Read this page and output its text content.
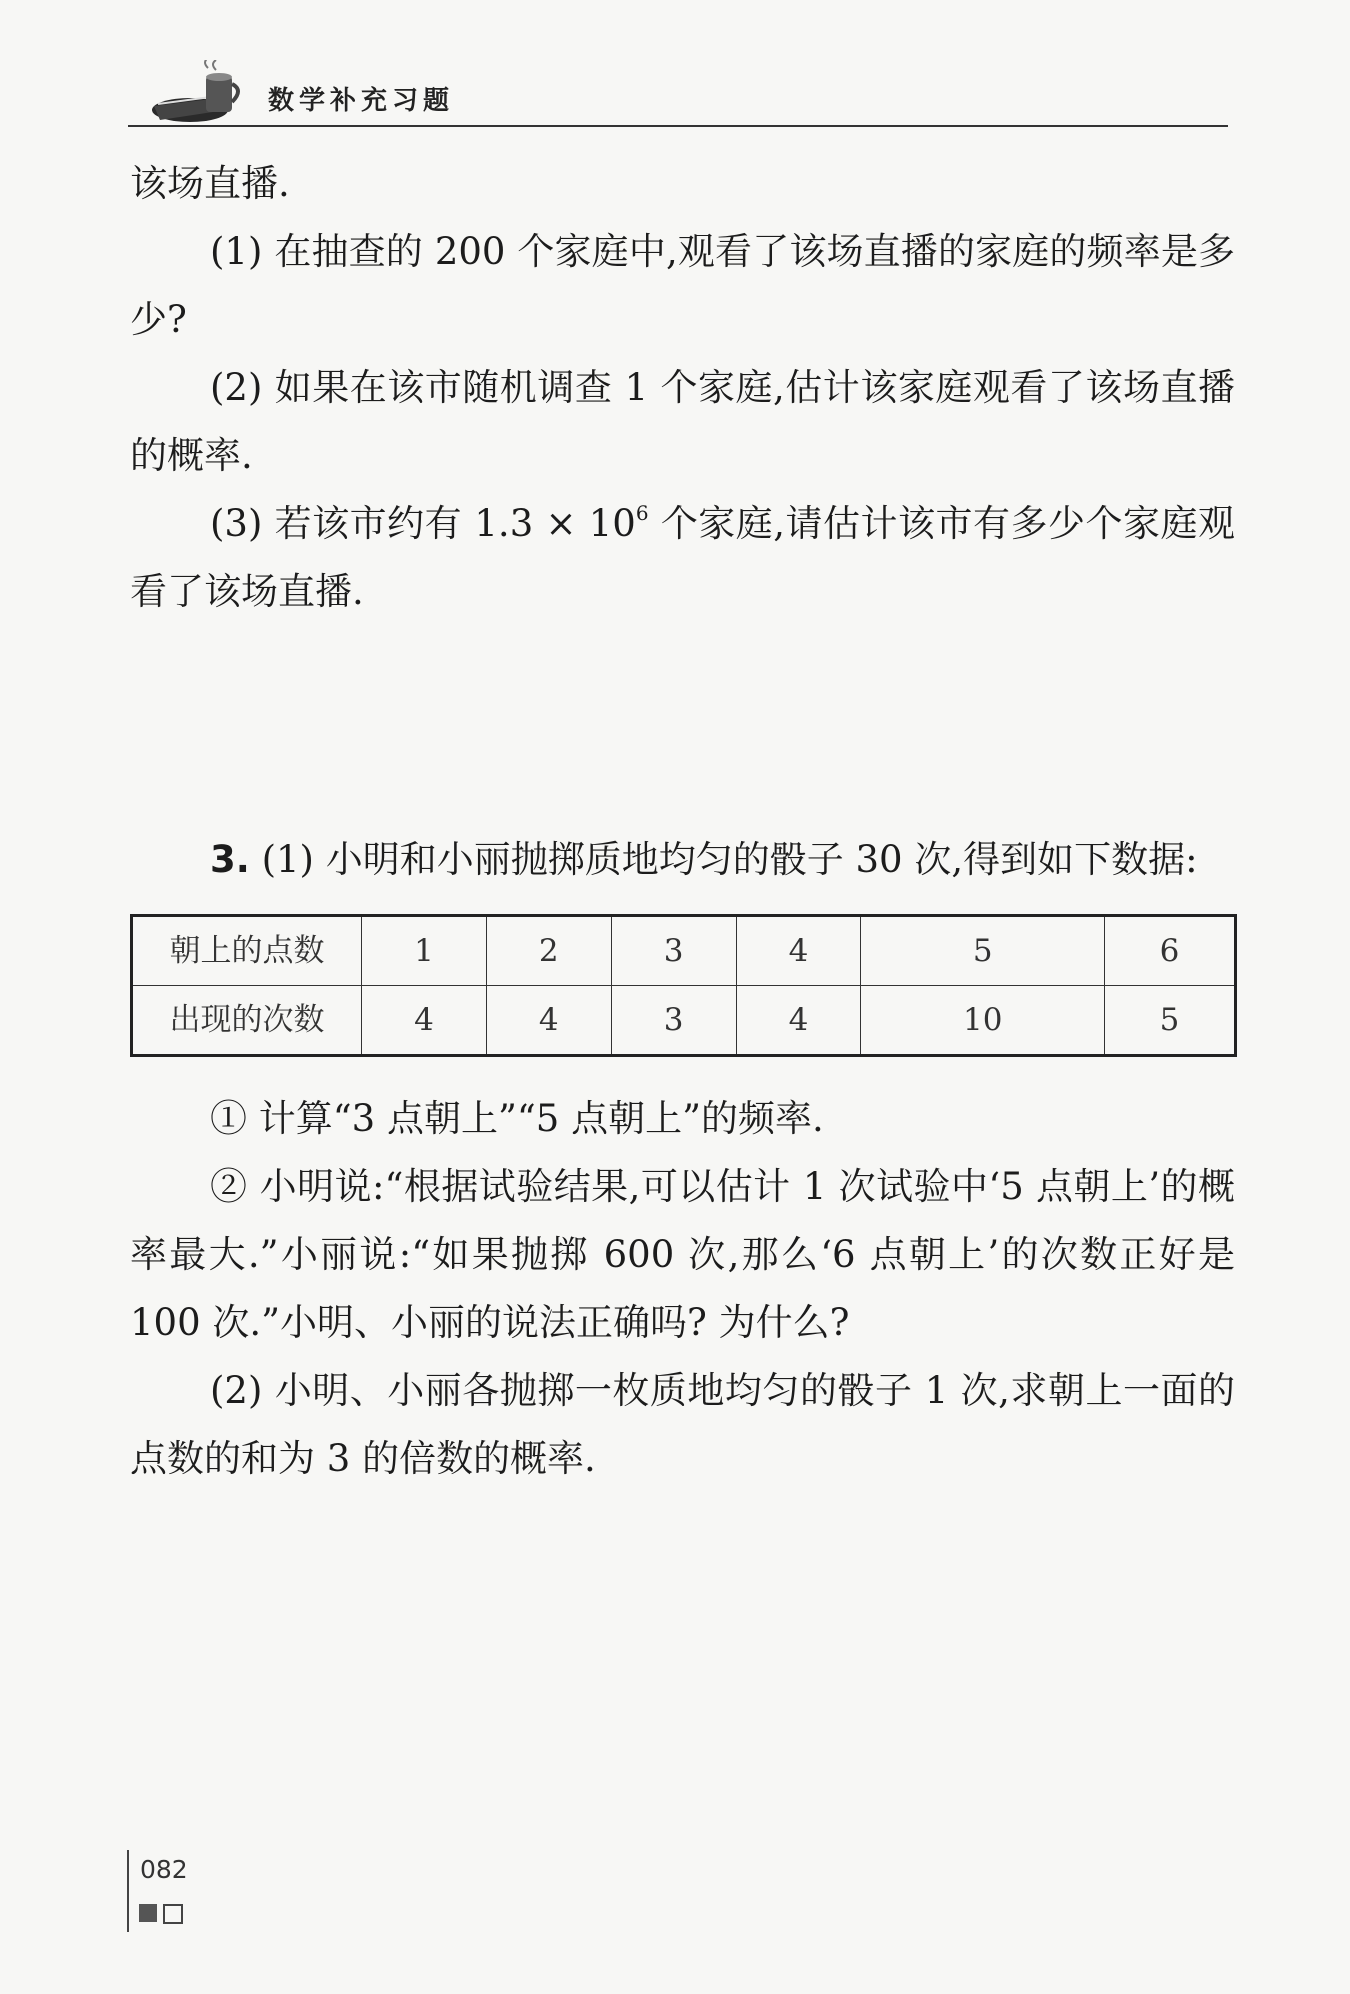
数学补充习题

该场直播.

(1) 在抽查的 200 个家庭中,观看了该场直播的家庭的频率是多少?

(2) 如果在该市随机调查 1 个家庭,估计该家庭观看了该场直播的概率.

(3) 若该市约有 $1.3 \times 10^6$ 个家庭,请估计该市有多少个家庭观看了该场直播.

3. (1) 小明和小丽抛掷质地均匀的骰子 30 次,得到如下数据:

朝上的点数	1	2	3	4	5	6
出现的次数	4	4	3	4	10	5

① 计算“3 点朝上”“5 点朝上”的频率.

② 小明说:“根据试验结果,可以估计 1 次试验中‘5 点朝上’的概率最大.”小丽说:“如果抛掷 600 次,那么‘6 点朝上’的次数正好是 100 次.”小明、小丽的说法正确吗? 为什么?

(2) 小明、小丽各抛掷一枚质地均匀的骰子 1 次,求朝上一面的点数的和为 3 的倍数的概率.

082
